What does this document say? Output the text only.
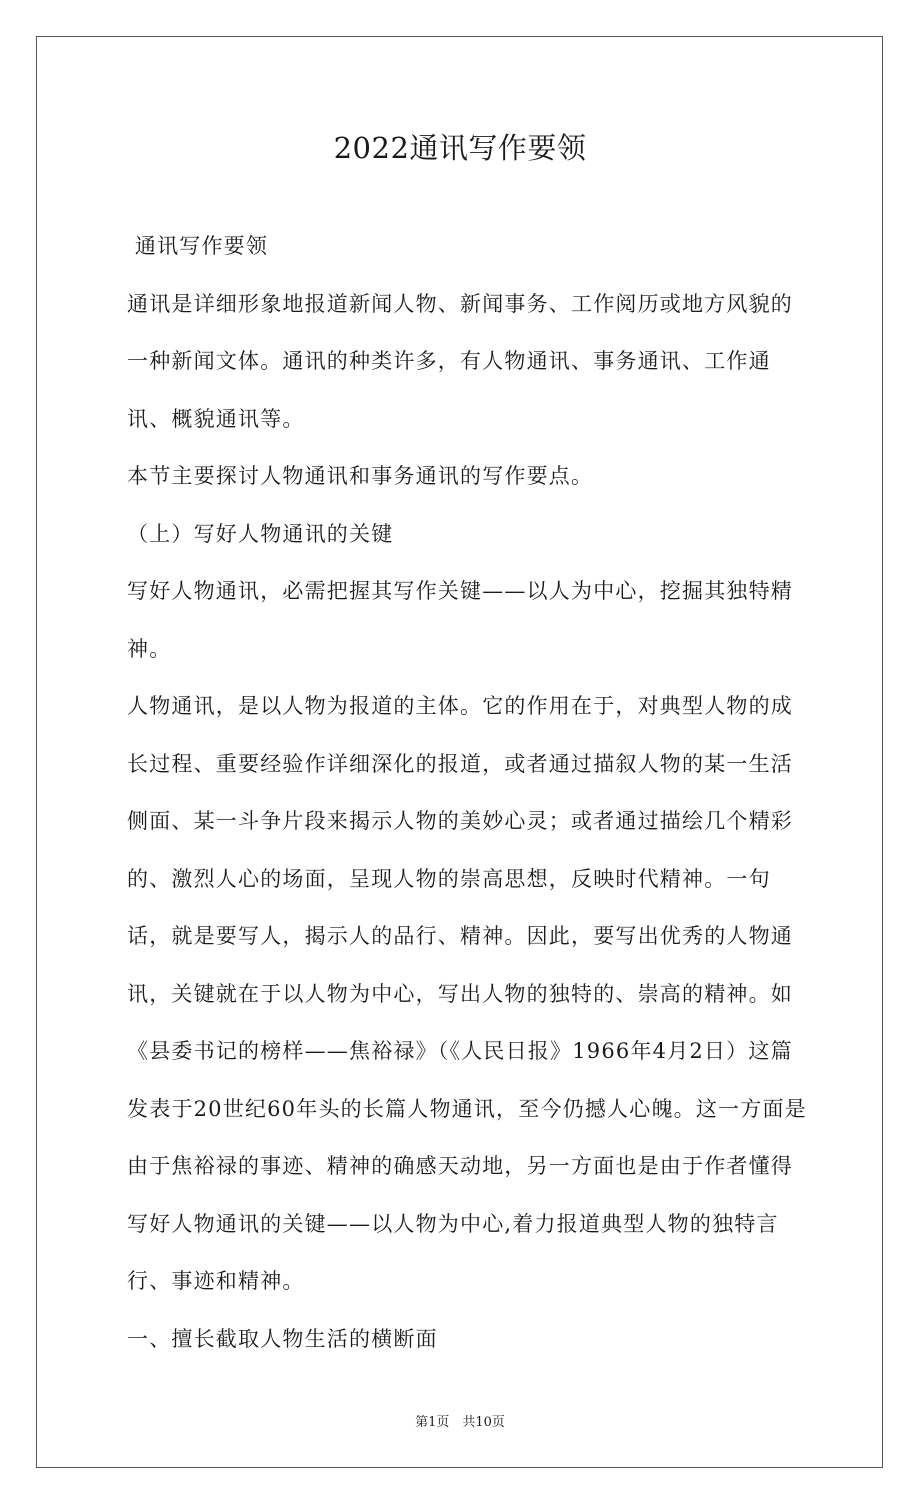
2022通讯写作要领

通讯写作要领

通讯是详细形象地报道新闻人物、新闻事务、工作阅历或地方风貌的一种新闻文体。通讯的种类许多，有人物通讯、事务通讯、工作通讯、概貌通讯等。

本节主要探讨人物通讯和事务通讯的写作要点。

（上）写好人物通讯的关键

写好人物通讯，必需把握其写作关键——以人为中心，挖掘其独特精神。

人物通讯，是以人物为报道的主体。它的作用在于，对典型人物的成长过程、重要经验作详细深化的报道，或者通过描叙人物的某一生活侧面、某一斗争片段来揭示人物的美妙心灵；或者通过描绘几个精彩的、激烈人心的场面，呈现人物的崇高思想，反映时代精神。一句话，就是要写人，揭示人的品行、精神。因此，要写出优秀的人物通讯，关键就在于以人物为中心，写出人物的独特的、崇高的精神。如《县委书记的榜样——焦裕禄》（《人民日报》1966年4月2日）这篇发表于20世纪60年头的长篇人物通讯，至今仍撼人心魄。这一方面是由于焦裕禄的事迹、精神的确感天动地，另一方面也是由于作者懂得写好人物通讯的关键——以人物为中心,着力报道典型人物的独特言行、事迹和精神。

一、擅长截取人物生活的横断面

第1页　共10页
